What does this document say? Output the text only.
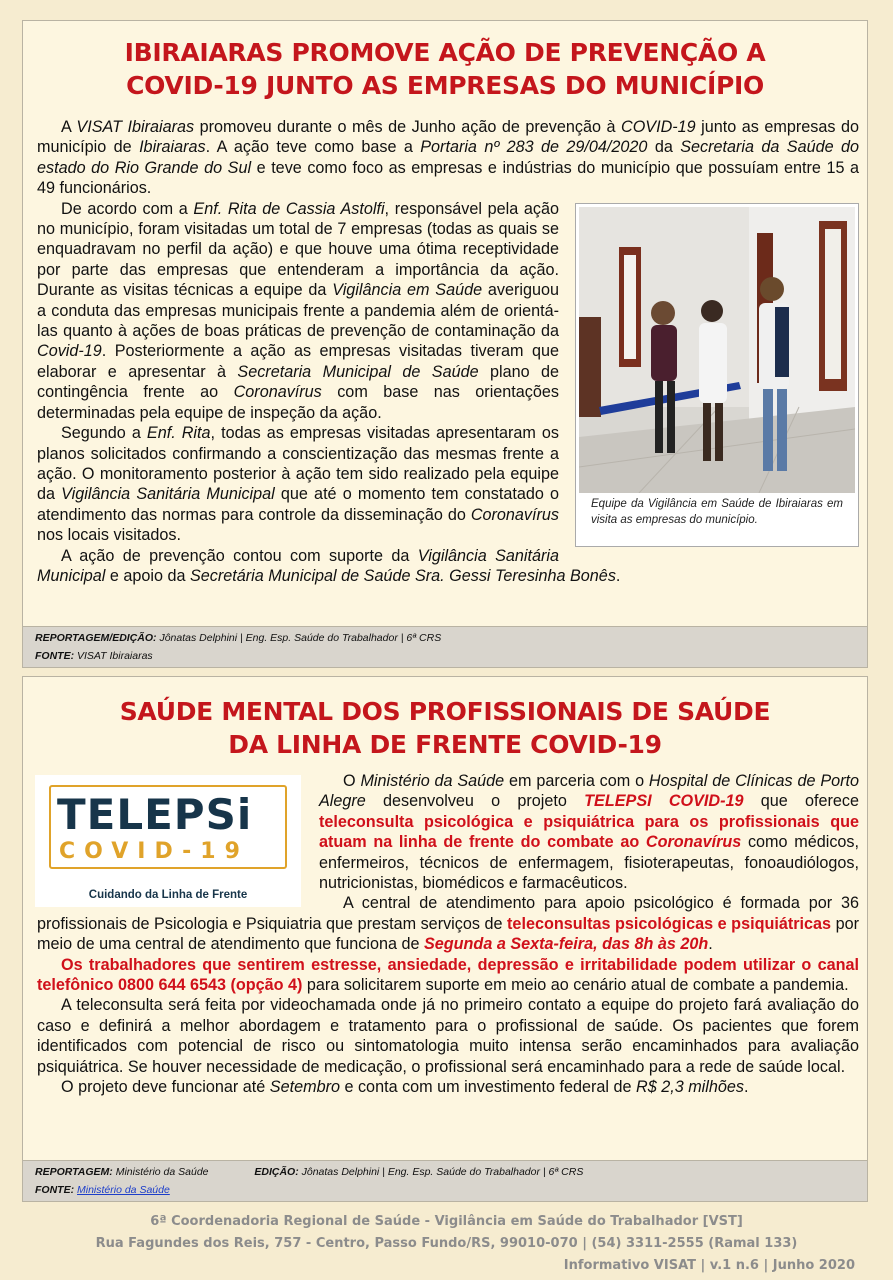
IBIRAIARAS PROMOVE AÇÃO DE PREVENÇÃO A
COVID-19 JUNTO AS EMPRESAS DO MUNICÍPIO

A VISAT Ibiraiaras promoveu durante o mês de Junho ação de prevenção à COVID-19 junto as empresas do município de Ibiraiaras. A ação teve como base a Portaria nº 283 de 29/04/2020 da Secretaria da Saúde do estado do Rio Grande do Sul e teve como foco as empresas e indústrias do município que possuíam entre 15 a 49 funcionários.

Equipe da Vigilância em Saúde de Ibiraiaras em visita as empresas do município.

De acordo com a Enf. Rita de Cassia Astolfi, responsável pela ação no município, foram visitadas um total de 7 empresas (todas as quais se enquadravam no perfil da ação) e que houve uma ótima receptividade por parte das empresas que entenderam a importância da ação. Durante as visitas técnicas a equipe da Vigilância em Saúde averiguou a conduta das empresas municipais frente a pandemia além de orientá-las quanto à ações de boas práticas de prevenção de contaminação da Covid-19. Posteriormente a ação as empresas visitadas tiveram que elaborar e apresentar à Secretaria Municipal de Saúde plano de contingência frente ao Coronavírus com base nas orientações determinadas pela equipe de inspeção da ação.

Segundo a Enf. Rita, todas as empresas visitadas apresentaram os planos solicitados confirmando a conscientização das mesmas frente a ação. O monitoramento posterior à ação tem sido realizado pela equipe da Vigilância Sanitária Municipal que até o momento tem constatado o atendimento das normas para controle da disseminação do Coronavírus nos locais visitados.

A ação de prevenção contou com suporte da Vigilância Sanitária Municipal e apoio da Secretária Municipal de Saúde Sra. Gessi Teresinha Bonês.

REPORTAGEM/EDIÇÃO: Jônatas Delphini | Eng. Esp. Saúde do Trabalhador | 6ª CRS
FONTE: VISAT Ibiraiaras
SAÚDE MENTAL DOS PROFISSIONAIS DE SAÚDE
DA LINHA DE FRENTE COVID-19
TELEPSi
COVID-19
Cuidando da Linha de Frente

O Ministério da Saúde em parceria com o Hospital de Clínicas de Porto Alegre desenvolveu o projeto TELEPSI COVID-19 que oferece teleconsulta psicológica e psiquiátrica para os profissionais que atuam na linha de frente do combate ao Coronavírus como médicos, enfermeiros, técnicos de enfermagem, fisioterapeutas, fonoaudiólogos, nutricionistas, biomédicos e farmacêuticos.

A central de atendimento para apoio psicológico é formada por 36 profissionais de Psicologia e Psiquiatria que prestam serviços de teleconsultas psicológicas e psiquiátricas por meio de uma central de atendimento que funciona de Segunda a Sexta-feira, das 8h às 20h.

Os trabalhadores que sentirem estresse, ansiedade, depressão e irritabilidade podem utilizar o canal telefônico 0800 644 6543 (opção 4) para solicitarem suporte em meio ao cenário atual de combate a pandemia.

A teleconsulta será feita por videochamada onde já no primeiro contato a equipe do projeto fará avaliação do caso e definirá a melhor abordagem e tratamento para o profissional de saúde. Os pacientes que forem identificados com potencial de risco ou sintomatologia muito intensa serão encaminhados para avaliação psiquiátrica. Se houver necessidade de medicação, o profissional será encaminhado para a rede de saúde local.

O projeto deve funcionar até Setembro e conta com um investimento federal de R$ 2,3 milhões.

REPORTAGEM: Ministério da Saúde	EDIÇÃO: Jônatas Delphini | Eng. Esp. Saúde do Trabalhador | 6ª CRS
FONTE: Ministério da Saúde
6ª Coordenadoria Regional de Saúde - Vigilância em Saúde do Trabalhador [VST]
Rua Fagundes dos Reis, 757 - Centro, Passo Fundo/RS, 99010-070 | (54) 3311-2555 (Ramal 133)
Informativo VISAT | v.1 n.6 | Junho 2020
